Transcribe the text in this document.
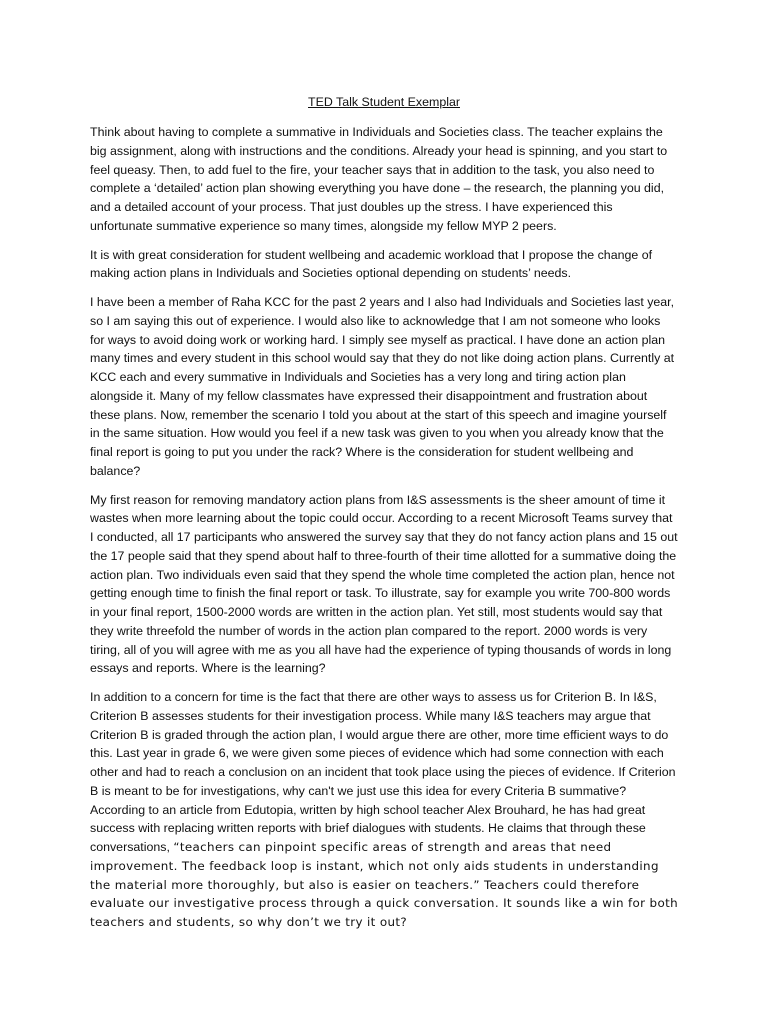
TED Talk Student Exemplar

Think about having to complete a summative in Individuals and Societies class. The teacher explains the big assignment, along with instructions and the conditions. Already your head is spinning, and you start to feel queasy. Then, to add fuel to the fire, your teacher says that in addition to the task, you also need to complete a ‘detailed’ action plan showing everything you have done – the research, the planning you did, and a detailed account of your process. That just doubles up the stress. I have experienced this unfortunate summative experience so many times, alongside my fellow MYP 2 peers.

It is with great consideration for student wellbeing and academic workload that I propose the change of making action plans in Individuals and Societies optional depending on students’ needs.

I have been a member of Raha KCC for the past 2 years and I also had Individuals and Societies last year, so I am saying this out of experience. I would also like to acknowledge that I am not someone who looks for ways to avoid doing work or working hard. I simply see myself as practical. I have done an action plan many times and every student in this school would say that they do not like doing action plans. Currently at KCC each and every summative in Individuals and Societies has a very long and tiring action plan alongside it. Many of my fellow classmates have expressed their disappointment and frustration about these plans. Now, remember the scenario I told you about at the start of this speech and imagine yourself in the same situation. How would you feel if a new task was given to you when you already know that the final report is going to put you under the rack? Where is the consideration for student wellbeing and balance?

My first reason for removing mandatory action plans from I&S assessments is the sheer amount of time it wastes when more learning about the topic could occur. According to a recent Microsoft Teams survey that I conducted, all 17 participants who answered the survey say that they do not fancy action plans and 15 out the 17 people said that they spend about half to three-fourth of their time allotted for a summative doing the action plan. Two individuals even said that they spend the whole time completed the action plan, hence not getting enough time to finish the final report or task. To illustrate, say for example you write 700-800 words in your final report, 1500-2000 words are written in the action plan. Yet still, most students would say that they write threefold the number of words in the action plan compared to the report. 2000 words is very tiring, all of you will agree with me as you all have had the experience of typing thousands of words in long essays and reports. Where is the learning?

In addition to a concern for time is the fact that there are other ways to assess us for Criterion B. In I&S, Criterion B assesses students for their investigation process. While many I&S teachers may argue that Criterion B is graded through the action plan, I would argue there are other, more time efficient ways to do this. Last year in grade 6, we were given some pieces of evidence which had some connection with each other and had to reach a conclusion on an incident that took place using the pieces of evidence. If Criterion B is meant to be for investigations, why can't we just use this idea for every Criteria B summative? According to an article from Edutopia, written by high school teacher Alex Brouhard, he has had great success with replacing written reports with brief dialogues with students. He claims that through these conversations, “teachers can pinpoint specific areas of strength and areas that need improvement. The feedback loop is instant, which not only aids students in understanding the material more thoroughly, but also is easier on teachers.” Teachers could therefore evaluate our investigative process through a quick conversation. It sounds like a win for both teachers and students, so why don’t we try it out?
